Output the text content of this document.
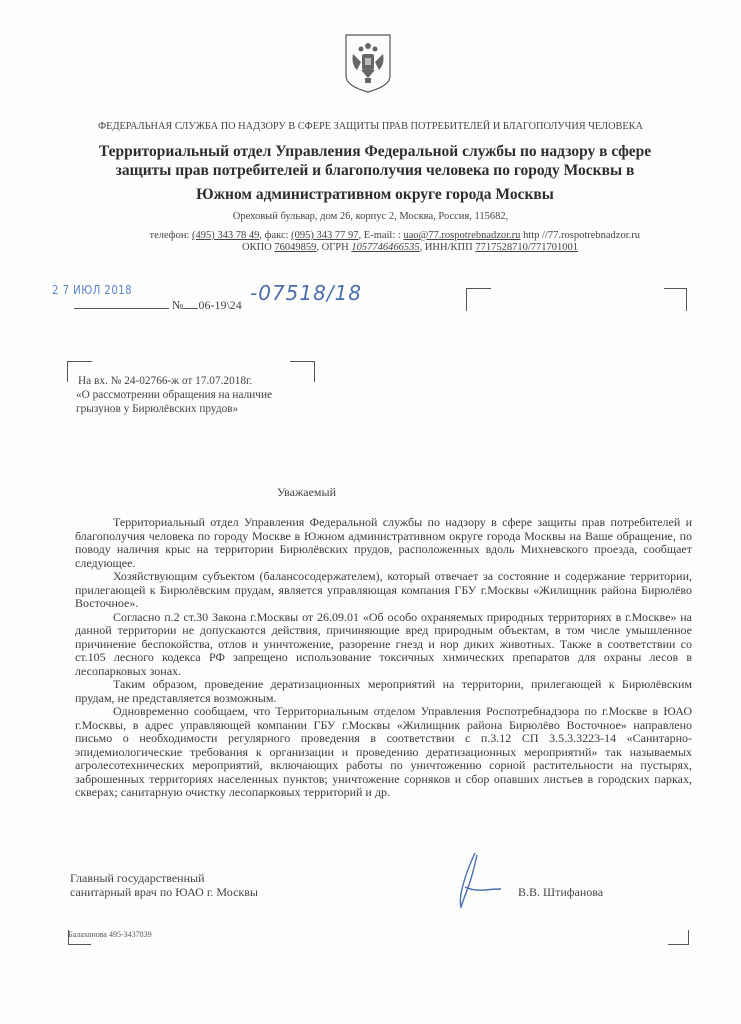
ФЕДЕРАЛЬНАЯ СЛУЖБА ПО НАДЗОРУ В СФЕРЕ ЗАЩИТЫ ПРАВ ПОТРЕБИТЕЛЕЙ И БЛАГОПОЛУЧИЯ ЧЕЛОВЕКА
Территориальный отдел Управления Федеральной службы по надзору в сфере
защиты прав потребителей и благополучия человека по городу Москвы в
Южном административном округе города Москвы
Ореховый бульвар, дом 26, корпус 2, Москва, Россия, 115682,
телефон: (495) 343 78 49, факс: (095) 343 77 97, E-mail: : uao@77.rospotrebnadzor.ru http //77.rospotrebnadzor.ru
ОКПО 76049859, ОГРН 1057746466535, ИНН/КПП 7717528710/771701001
2 7 ИЮЛ 2018
№ 06-19\24 -07518/18
На вх. № 24-02766-ж от 17.07.2018г.
«О рассмотрении обращения на наличие
грызунов у Бирюлёвских прудов»
Уважаемый

Территориальный отдел Управления Федеральной службы по надзору в сфере защиты прав потребителей и благополучия человека по городу Москве в Южном административном округе города Москвы на Ваше обращение, по поводу наличия крыс на территории Бирюлёвских прудов, расположенных вдоль Михневского проезда, сообщает следующее.

Хозяйствующим субъектом (балансосодержателем), который отвечает за состояние и содержание территории, прилегающей к Бирюлёвским прудам, является управляющая компания ГБУ г.Москвы «Жилищник района Бирюлёво Восточное».

Согласно п.2 ст.30 Закона г.Москвы от 26.09.01 «Об особо охраняемых природных территориях в г.Москве» на данной территории не допускаются действия, причиняющие вред природным объектам, в том числе умышленное причинение беспокойства, отлов и уничтожение, разорение гнезд и нор диких животных. Также в соответствии со ст.105 лесного кодекса РФ запрещено использование токсичных химических препаратов для охраны лесов в лесопарковых зонах.

Таким образом, проведение дератизационных мероприятий на территории, прилегающей к Бирюлёвским прудам, не представляется возможным.

Одновременно сообщаем, что Территориальным отделом Управления Роспотребнадзора по г.Москве в ЮАО г.Москвы, в адрес управляющей компании ГБУ г.Москвы «Жилищник района Бирюлёво Восточное» направлено письмо о необходимости регулярного проведения в соответствии с п.3.12 СП 3.5.3.3223-14 «Санитарно-эпидемиологические требования к организации и проведению дератизационных мероприятий» так называемых агролесотехнических мероприятий, включающих работы по уничтожению сорной растительности на пустырях, заброшенных территориях населенных пунктов; уничтожение сорняков и сбор опавших листьев в городских парках, скверах; санитарную очистку лесопарковых территорий и др.

Главный государственный
санитарный врач по ЮАО г. Москвы	В.В. Штифанова
Балахонова 495-3437839
